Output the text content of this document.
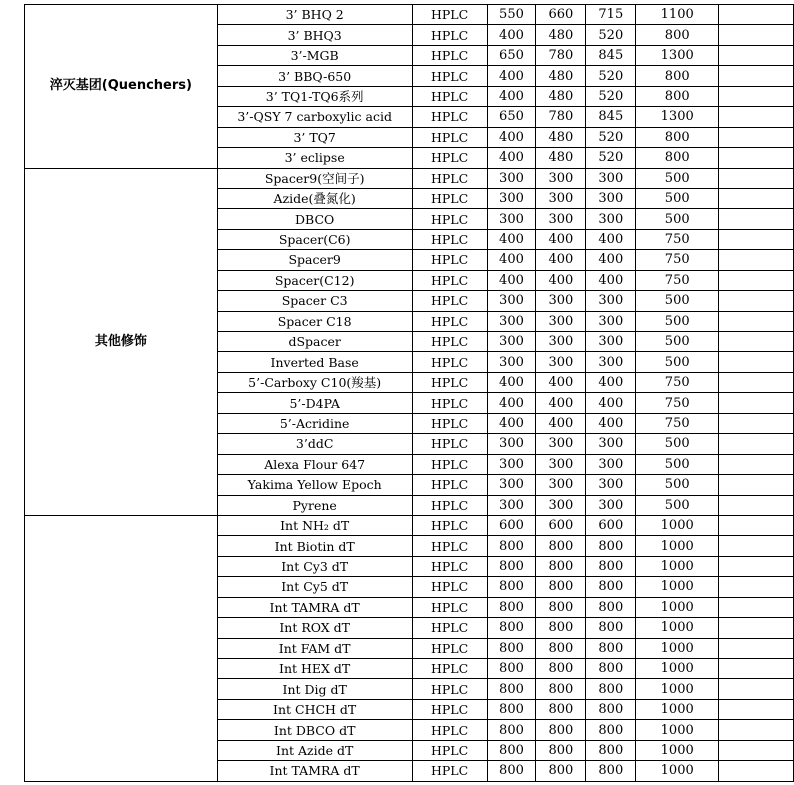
淬灭基团(Quenchers)	3’ BHQ 2	HPLC	550	660	715	1100	
	3’ BHQ3	HPLC	400	480	520	800	
	3’-MGB	HPLC	650	780	845	1300	
	3’ BBQ-650	HPLC	400	480	520	800	
	3’ TQ1-TQ6系列	HPLC	400	480	520	800	
	3’-QSY 7 carboxylic acid	HPLC	650	780	845	1300	
	3’ TQ7	HPLC	400	480	520	800	
	3’ eclipse	HPLC	400	480	520	800	
其他修饰	Spacer9(空间子)	HPLC	300	300	300	500	
	Azide(叠氮化)	HPLC	300	300	300	500	
	DBCO	HPLC	300	300	300	500	
	Spacer(C6)	HPLC	400	400	400	750	
	Spacer9	HPLC	400	400	400	750	
	Spacer(C12)	HPLC	400	400	400	750	
	Spacer C3	HPLC	300	300	300	500	
	Spacer C18	HPLC	300	300	300	500	
	dSpacer	HPLC	300	300	300	500	
	Inverted Base	HPLC	300	300	300	500	
	5’-Carboxy C10(羧基)	HPLC	400	400	400	750	
	5’-D4PA	HPLC	400	400	400	750	
	5’-Acridine	HPLC	400	400	400	750	
	3’ddC	HPLC	300	300	300	500	
	Alexa Flour 647	HPLC	300	300	300	500	
	Yakima Yellow Epoch	HPLC	300	300	300	500	
	Pyrene	HPLC	300	300	300	500	
	Int NH₂ dT	HPLC	600	600	600	1000	
	Int Biotin dT	HPLC	800	800	800	1000	
	Int Cy3 dT	HPLC	800	800	800	1000	
	Int Cy5 dT	HPLC	800	800	800	1000	
	Int TAMRA dT	HPLC	800	800	800	1000	
	Int ROX dT	HPLC	800	800	800	1000	
	Int FAM dT	HPLC	800	800	800	1000	
	Int HEX dT	HPLC	800	800	800	1000	
	Int Dig dT	HPLC	800	800	800	1000	
	Int CHCH dT	HPLC	800	800	800	1000	
	Int DBCO dT	HPLC	800	800	800	1000	
	Int Azide dT	HPLC	800	800	800	1000	
	Int TAMRA dT	HPLC	800	800	800	1000	
